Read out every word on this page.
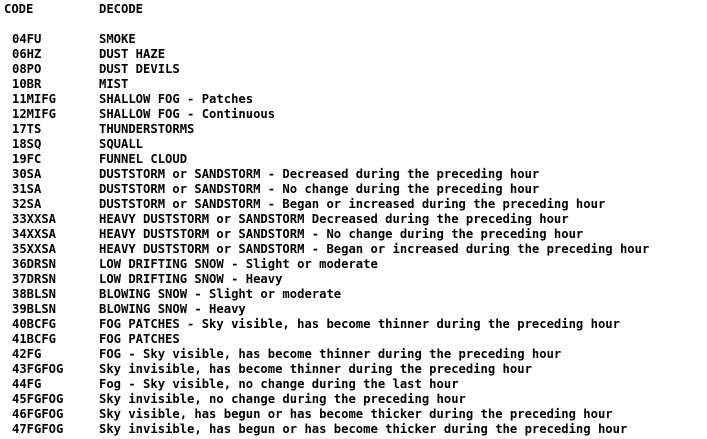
CODE	DECODE
04FU	SMOKE
06HZ	DUST HAZE
08PO	DUST DEVILS
10BR	MIST
11MIFG	SHALLOW FOG - Patches
12MIFG	SHALLOW FOG - Continuous
17TS	THUNDERSTORMS
18SQ	SQUALL
19FC	FUNNEL CLOUD
30SA	DUSTSTORM or SANDSTORM - Decreased during the preceding hour
31SA	DUSTSTORM or SANDSTORM - No change during the preceding hour
32SA	DUSTSTORM or SANDSTORM - Began or increased during the preceding hour
33XXSA	HEAVY DUSTSTORM or SANDSTORM Decreased during the preceding hour
34XXSA	HEAVY DUSTSTORM or SANDSTORM - No change during the preceding hour
35XXSA	HEAVY DUSTSTORM or SANDSTORM - Began or increased during the preceding hour
36DRSN	LOW DRIFTING SNOW - Slight or moderate
37DRSN	LOW DRIFTING SNOW - Heavy
38BLSN	BLOWING SNOW - Slight or moderate
39BLSN	BLOWING SNOW - Heavy
40BCFG	FOG PATCHES - Sky visible, has become thinner during the preceding hour
41BCFG	FOG PATCHES
42FG	FOG - Sky visible, has become thinner during the preceding hour
43FGFOG	Sky invisible, has become thinner during the preceding hour
44FG	Fog - Sky visible, no change during the last hour
45FGFOG	Sky invisible, no change during the preceding hour
46FGFOG	Sky visible, has begun or has become thicker during the preceding hour
47FGFOG	Sky invisible, has begun or has become thicker during the preceding hour
